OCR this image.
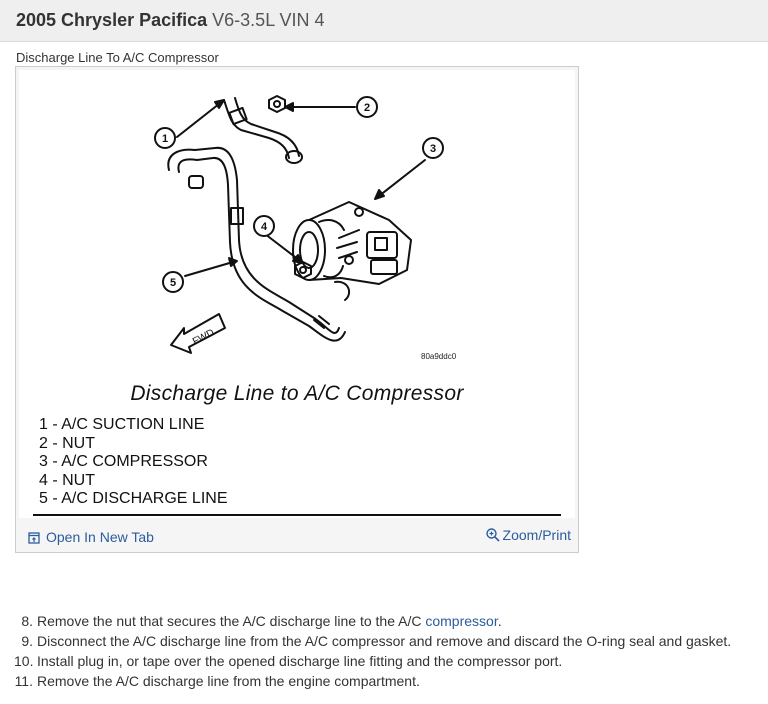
2005 Chrysler Pacifica V6-3.5L VIN 4
Discharge Line To A/C Compressor
1
2
3
4
5
FWD
80a9ddc0
Discharge Line to A/C Compressor
1 - A/C SUCTION LINE
2 - NUT
3 - A/C COMPRESSOR
4 - NUT
5 - A/C DISCHARGE LINE
Open In New Tab	Zoom/Print
8. Remove the nut that secures the A/C discharge line to the A/C compressor.
9. Disconnect the A/C discharge line from the A/C compressor and remove and discard the O-ring seal and gasket.
10. Install plug in, or tape over the opened discharge line fitting and the compressor port.
11. Remove the A/C discharge line from the engine compartment.
